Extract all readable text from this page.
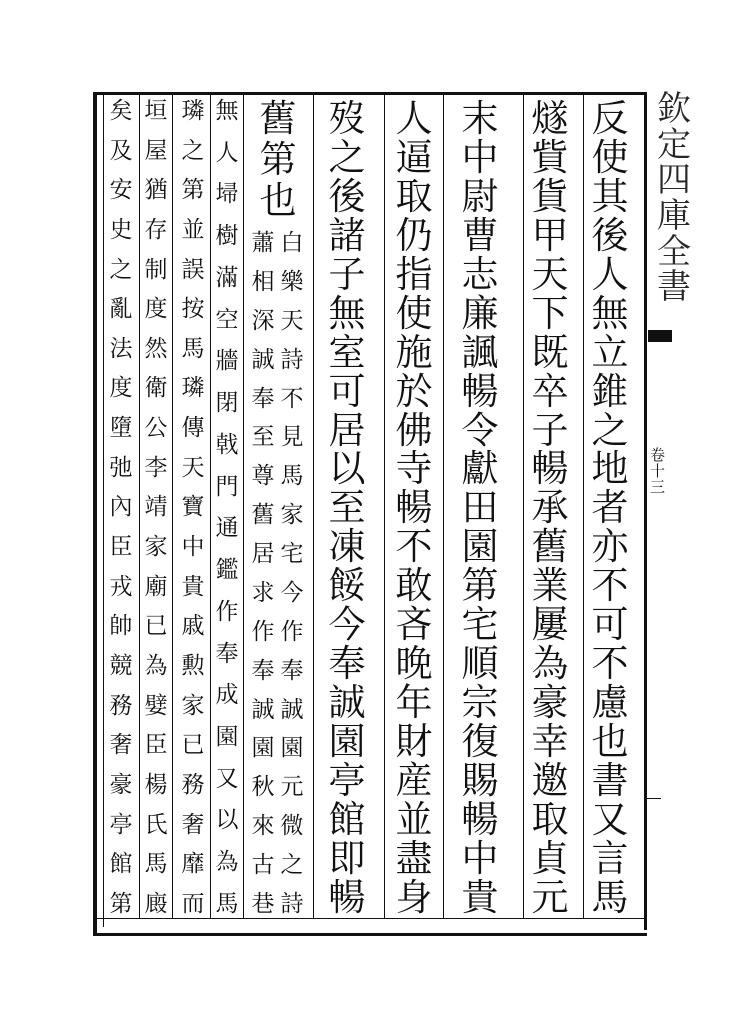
反
使
其
後
人
無
立
錐
之
地
者
亦
不
可
不
慮
也
書
又
言
馬
燧
貲
貨
甲
天
下
既
卒
子
暢
承
舊
業
屢
為
豪
幸
邀
取
貞
元
末
中
尉
曹
志
廉
諷
暢
令
獻
田
園
第
宅
順
宗
復
賜
暢
中
貴
人
逼
取
仍
指
使
施
於
佛
寺
暢
不
敢
吝
晚
年
財
産
並
盡
身
歿
之
後
諸
子
無
室
可
居
以
至
凍
餒
今
奉
誠
園
亭
館
即
暢
舊
第
也
白
樂
天
詩
不
見
馬
家
宅
今
作
奉
誠
園
元
微
之
詩
蕭
相
深
誠
奉
至
尊
舊
居
求
作
奉
誠
園
秋
來
古
巷
無
人
埽
樹
滿
空
牆
閉
戟
門
通
鑑
作
奉
成
園
又
以
為
馬
璘
之
第
並
誤
按
馬
璘
傳
天
寶
中
貴
戚
勲
家
已
務
奢
靡
而
垣
屋
猶
存
制
度
然
衛
公
李
靖
家
廟
已
為
嬖
臣
楊
氏
馬
廄
矣
及
安
史
之
亂
法
度
墮
弛
內
臣
戎
帥
競
務
奢
豪
亭
館
第
欽
定
四
庫
全
書
卷
十
三
